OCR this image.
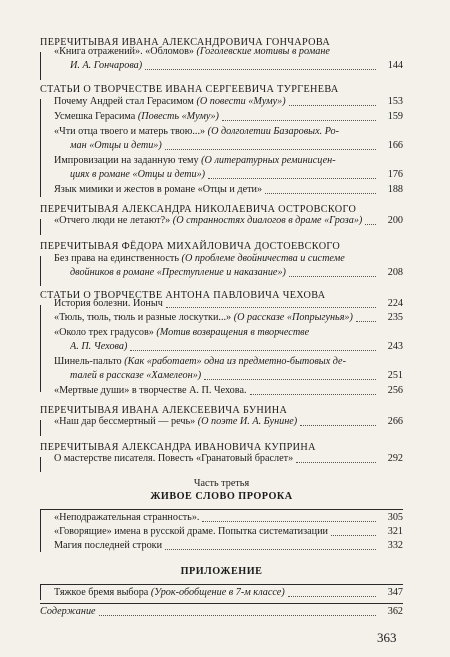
ПЕРЕЧИТЫВАЯ ИВАНА АЛЕКСАНДРОВИЧА ГОНЧАРОВА
«Книга отражений». «Обломов» (Гоголевские мотивы в романе
И. А. Гончарова)	144
СТАТЬИ О ТВОРЧЕСТВЕ ИВАНА СЕРГЕЕВИЧА ТУРГЕНЕВА
Почему Андрей стал Герасимом (О повести «Муму»)	153
Усмешка Герасима (Повесть «Муму»)	159
«Чти отца твоего и матерь твою...» (О долголетии Базаровых. Ро-
ман «Отцы и дети»)	166
Импровизации на заданную тему (О литературных реминисцен-
циях в романе «Отцы и дети»)	176
Язык мимики и жестов в романе «Отцы и дети»	188
ПЕРЕЧИТЫВАЯ АЛЕКСАНДРА НИКОЛАЕВИЧА ОСТРОВСКОГО
«Отчего люди не летают?» (О странностях диалогов в драме «Гроза»)	200
ПЕРЕЧИТЫВАЯ ФЁДОРА МИХАЙЛОВИЧА ДОСТОЕВСКОГО
Без права на единственность (О проблеме двойничества и системе
двойников в романе «Преступление и наказание»)	208
СТАТЬИ О ТВОРЧЕСТВЕ АНТОНА ПАВЛОВИЧА ЧЕХОВА
История болезни. Ионыч	224
«Тюль, тюль, тюль и разные лоскутки...» (О рассказе «Попрыгунья»)	235
«Около трех градусов» (Мотив возвращения в творчестве
А. П. Чехова)	243
Шинель-пальто (Как «работает» одна из предметно-бытовых де-
талей в рассказе «Хамелеон»)	251
«Мертвые души» в творчестве А. П. Чехова.	256
ПЕРЕЧИТЫВАЯ ИВАНА АЛЕКСЕЕВИЧА БУНИНА
«Наш дар бессмертный — речь» (О поэте И. А. Бунине)	266
ПЕРЕЧИТЫВАЯ АЛЕКСАНДРА ИВАНОВИЧА КУПРИНА
О мастерстве писателя. Повесть «Гранатовый браслет»	292
Часть третья
ЖИВОЕ СЛОВО ПРОРОКА
«Неподражательная странность».	305
«Говорящие» имена в русской драме. Попытка систематизации	321
Магия последней строки	332
ПРИЛОЖЕНИЕ
Тяжкое бремя выбора (Урок-обобщение в 7-м классе)	347
Содержание	362
363
